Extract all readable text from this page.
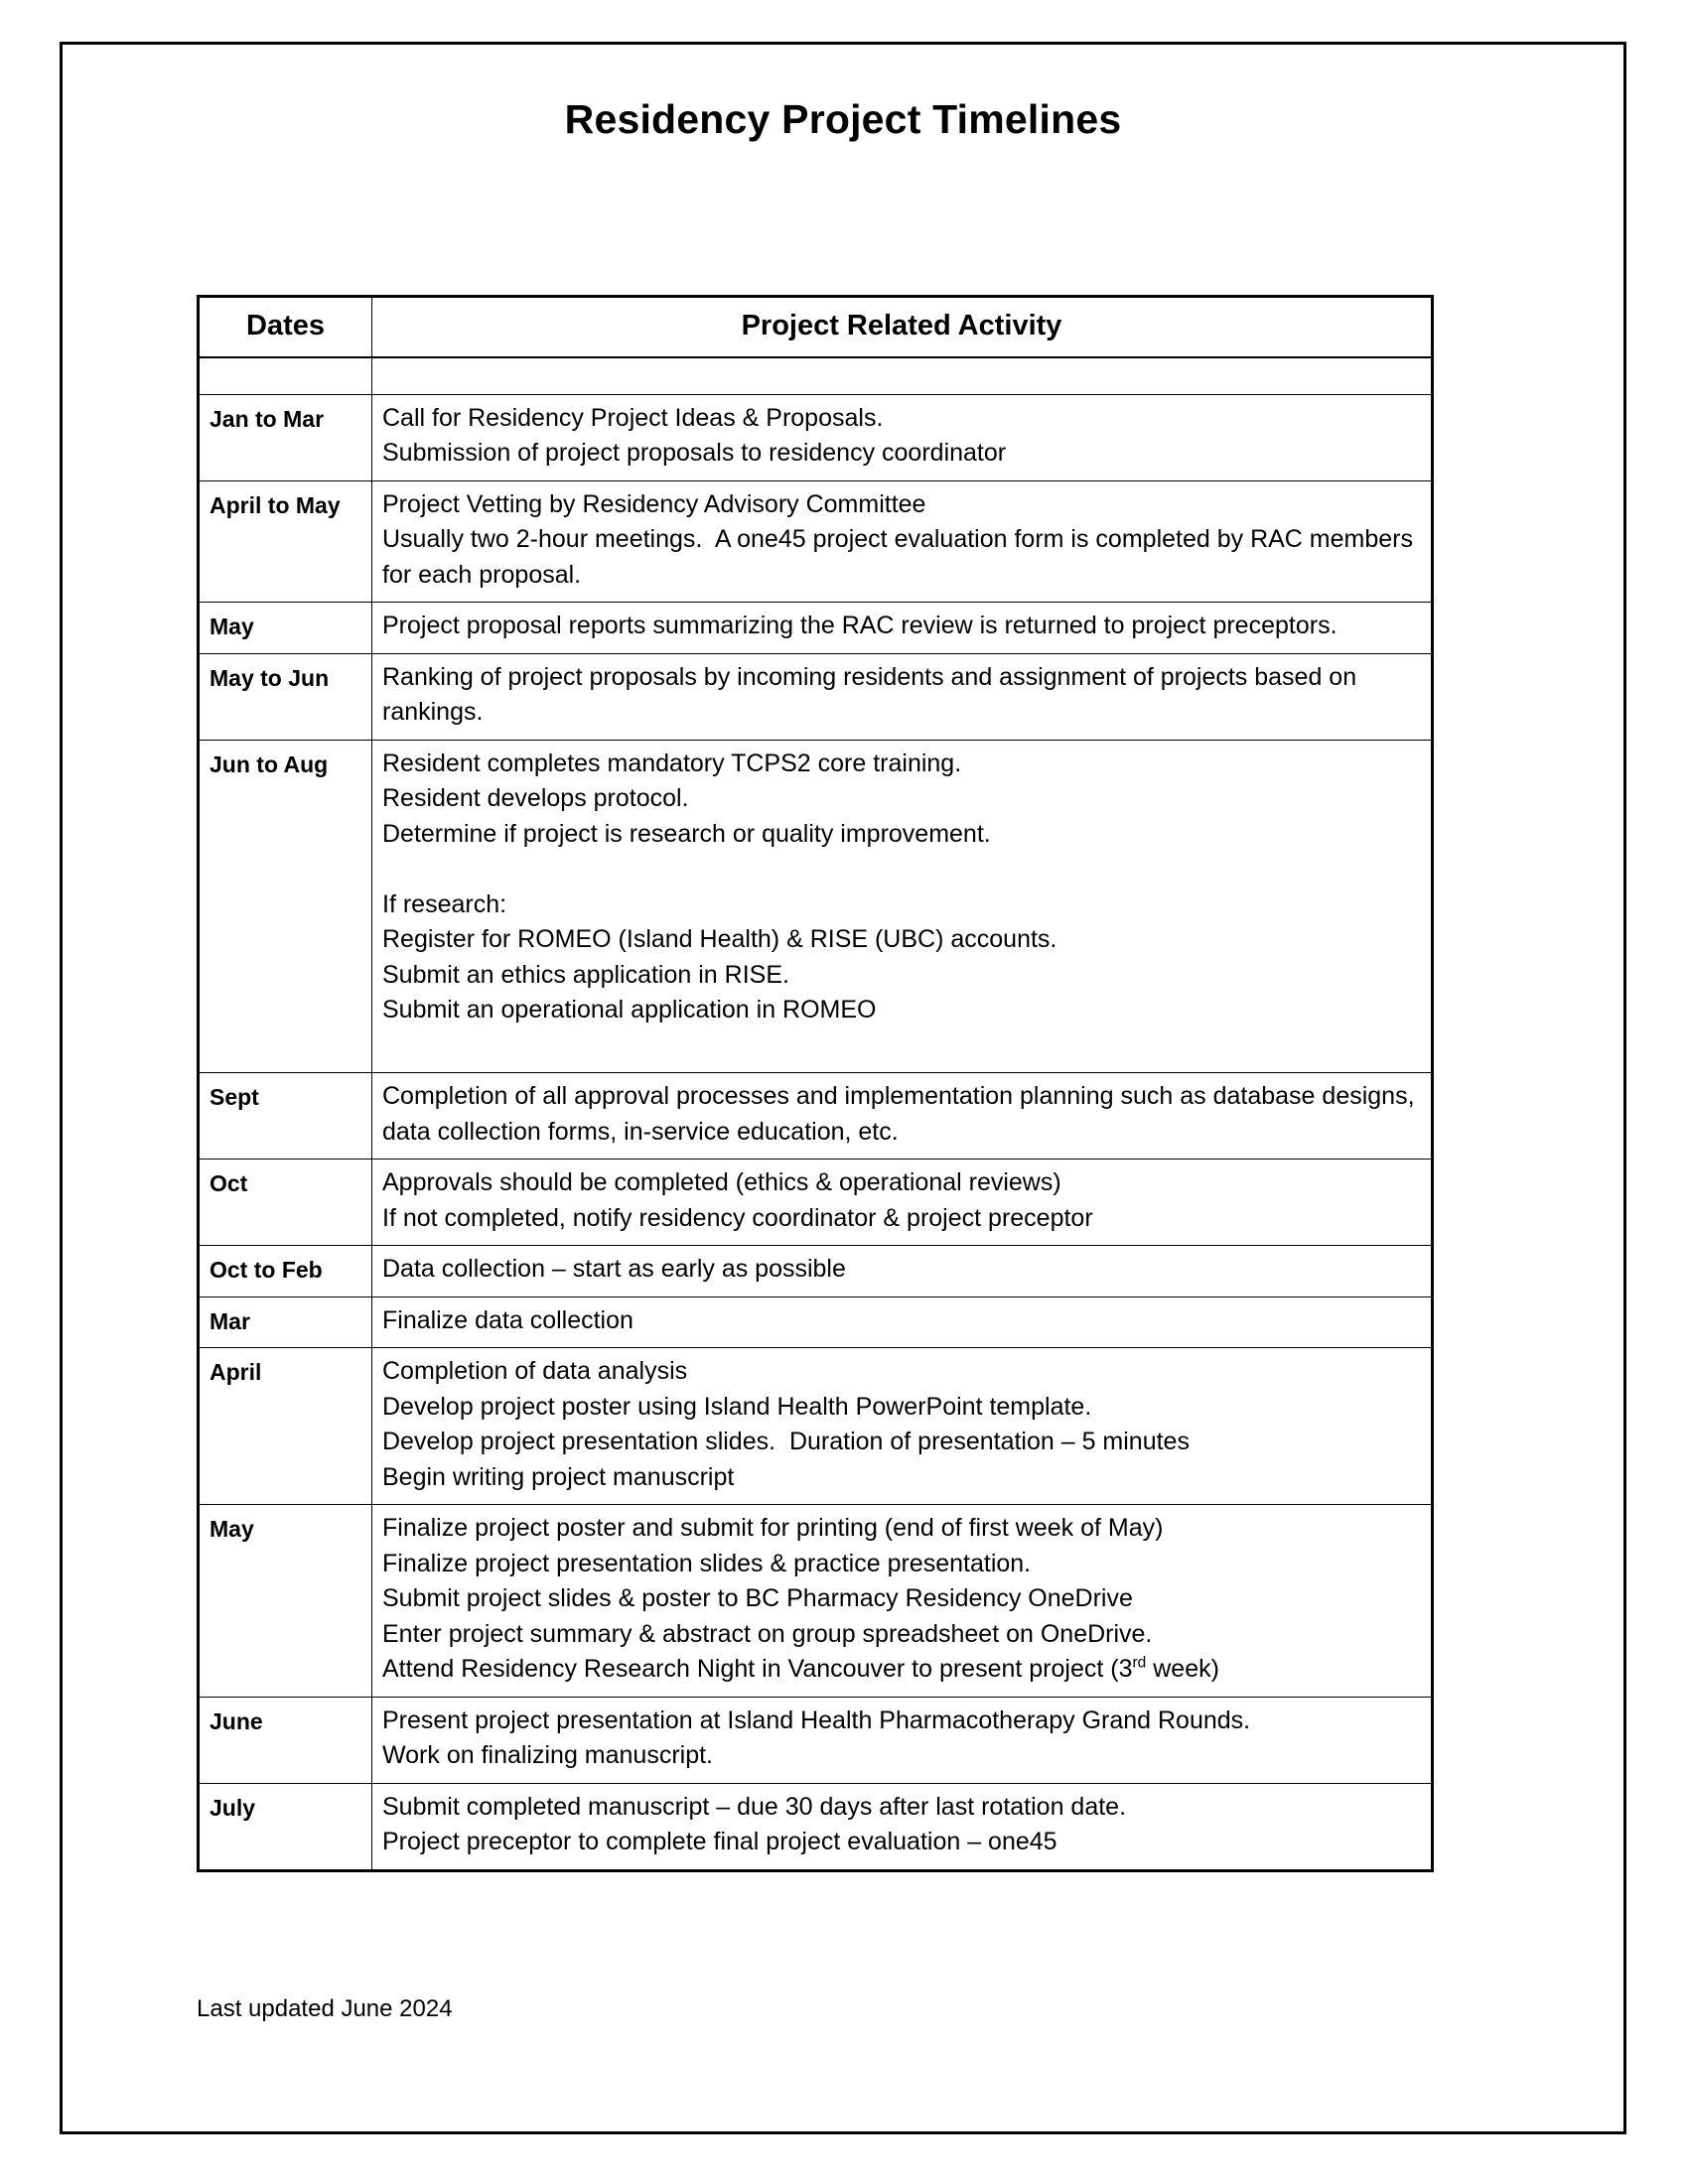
Residency Project Timelines
Dates	Project Related Activity

Jan to Mar	Call for Residency Project Ideas & Proposals.
Submission of project proposals to residency coordinator

April to May	Project Vetting by Residency Advisory Committee
Usually two 2-hour meetings.  A one45 project evaluation form is completed by RAC members for each proposal.

May	Project proposal reports summarizing the RAC review is returned to project preceptors.

May to Jun	Ranking of project proposals by incoming residents and assignment of projects based on rankings.

Jun to Aug	Resident completes mandatory TCPS2 core training.
Resident develops protocol.
Determine if project is research or quality improvement.
If research:
Register for ROMEO (Island Health) & RISE (UBC) accounts.
Submit an ethics application in RISE.
Submit an operational application in ROMEO

Sept	Completion of all approval processes and implementation planning such as database designs, data collection forms, in-service education, etc.

Oct	Approvals should be completed (ethics & operational reviews)
If not completed, notify residency coordinator & project preceptor

Oct to Feb	Data collection – start as early as possible

Mar	Finalize data collection

April	Completion of data analysis
Develop project poster using Island Health PowerPoint template.
Develop project presentation slides.  Duration of presentation – 5 minutes
Begin writing project manuscript

May	Finalize project poster and submit for printing (end of first week of May)
Finalize project presentation slides & practice presentation.
Submit project slides & poster to BC Pharmacy Residency OneDrive
Enter project summary & abstract on group spreadsheet on OneDrive.
Attend Residency Research Night in Vancouver to present project (3rd week)

June	Present project presentation at Island Health Pharmacotherapy Grand Rounds.
Work on finalizing manuscript.

July	Submit completed manuscript – due 30 days after last rotation date.
Project preceptor to complete final project evaluation – one45
Last updated June 2024
